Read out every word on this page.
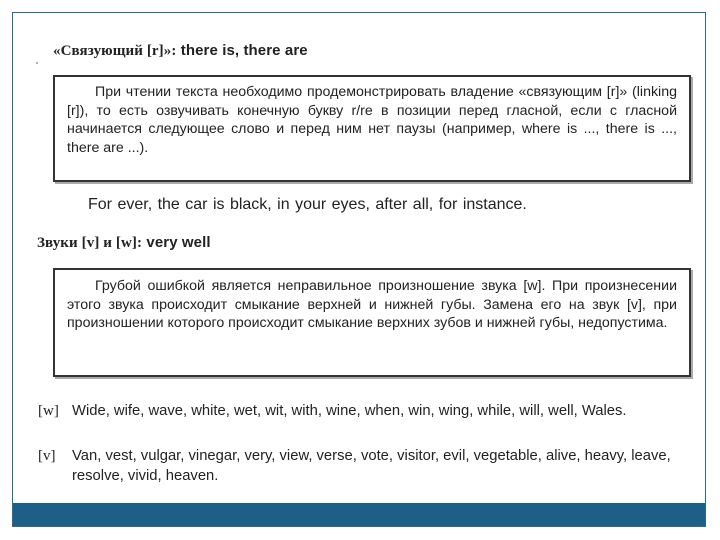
«Связующий [r]»: there is, there are

При чтении текста необходимо продемонстрировать владение «связующим [r]» (linking [r]), то есть озвучивать конечную букву r/re в позиции перед гласной, если с гласной начинается следующее слово и перед ним нет паузы (например, where is ..., there is ..., there are ...).

For ever, the car is black, in your eyes, after all, for instance.
Звуки [v] и [w]: very well

Грубой ошибкой является неправильное произношение звука [w]. При произнесении этого звука происходит смыкание верхней и нижней губы. Замена его на звук [v], при произношении которого происходит смыкание верхних зубов и нижней губы, недопустима.

[w] Wide, wife, wave, white, wet, wit, with, wine, when, win, wing, while, will, well, Wales.
[v] Van, vest, vulgar, vinegar, very, view, verse, vote, visitor, evil, vegetable, alive, heavy, leave, resolve, vivid, heaven.
